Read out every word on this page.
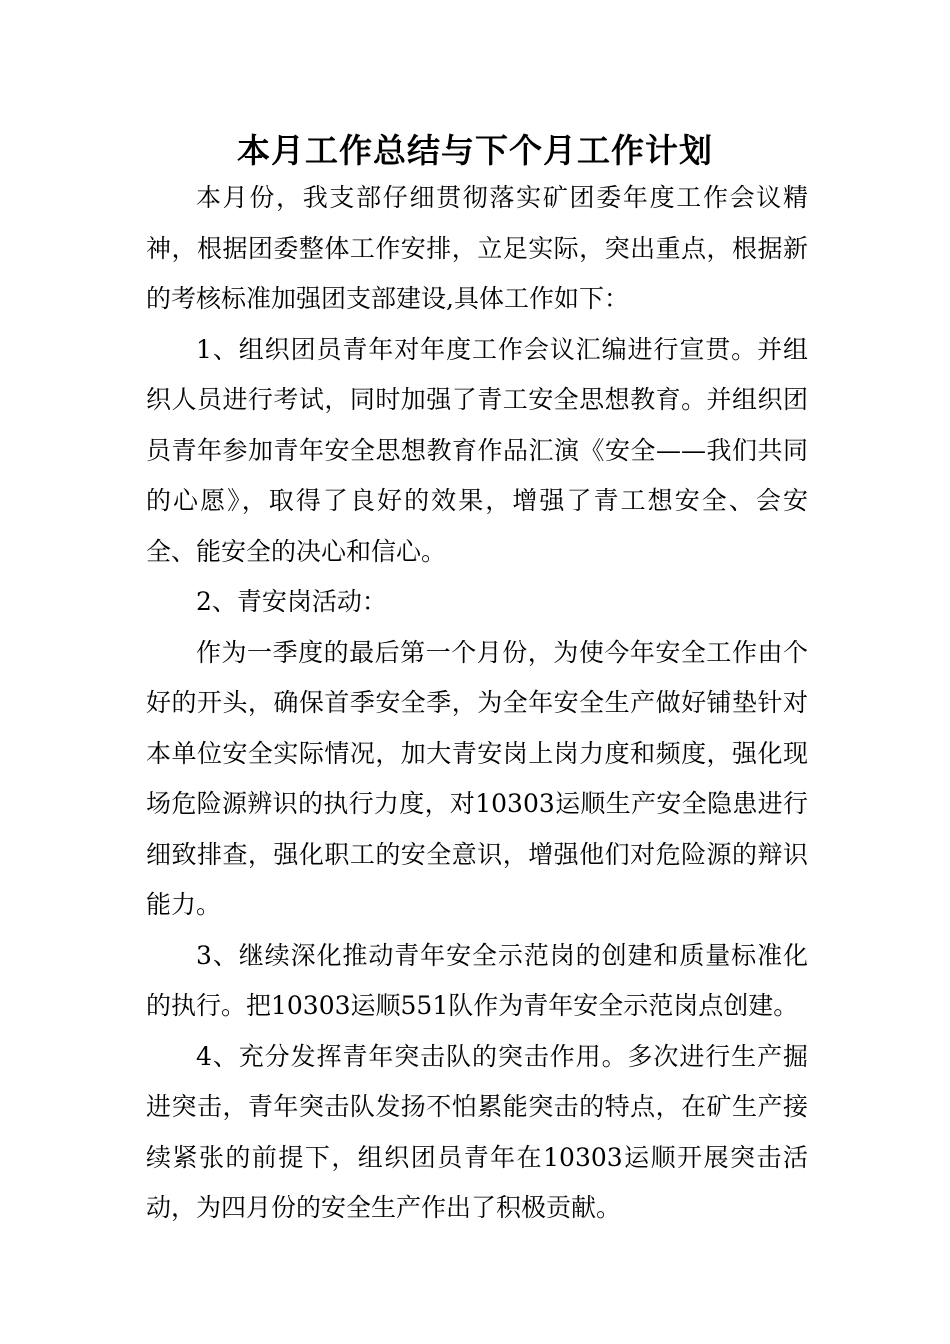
本月工作总结与下个月工作计划

本月份，我支部仔细贯彻落实矿团委年度工作会议精神，根据团委整体工作安排，立足实际，突出重点，根据新的考核标准加强团支部建设,具体工作如下：

1、组织团员青年对年度工作会议汇编进行宣贯。并组织人员进行考试，同时加强了青工安全思想教育。并组织团员青年参加青年安全思想教育作品汇演《安全——我们共同的心愿》，取得了良好的效果，增强了青工想安全、会安全、能安全的决心和信心。

2、青安岗活动：

作为一季度的最后第一个月份，为使今年安全工作由个好的开头，确保首季安全季，为全年安全生产做好铺垫针对本单位安全实际情况，加大青安岗上岗力度和频度，强化现场危险源辨识的执行力度，对10303运顺生产安全隐患进行细致排查，强化职工的安全意识，增强他们对危险源的辩识能力。

3、继续深化推动青年安全示范岗的创建和质量标准化的执行。把10303运顺551队作为青年安全示范岗点创建。

4、充分发挥青年突击队的突击作用。多次进行生产掘进突击，青年突击队发扬不怕累能突击的特点，在矿生产接续紧张的前提下，组织团员青年在10303运顺开展突击活动，为四月份的安全生产作出了积极贡献。
